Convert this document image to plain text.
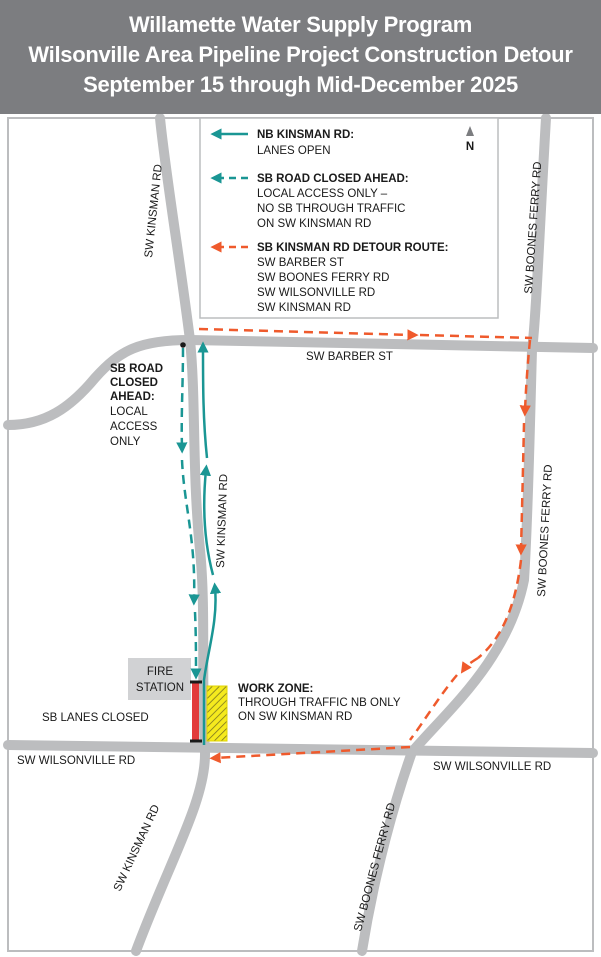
Willamette Water Supply Program
Wilsonville Area Pipeline Project Construction Detour
September 15 through Mid-December 2025
FIRE
STATION
N
NB KINSMAN RD:
LANES OPEN
SB ROAD CLOSED AHEAD:
LOCAL ACCESS ONLY –
NO SB THROUGH TRAFFIC
ON SW KINSMAN RD
SB KINSMAN RD DETOUR ROUTE:
SW BARBER ST
SW BOONES FERRY RD
SW WILSONVILLE RD
SW KINSMAN RD
SW KINSMAN RD
SW KINSMAN RD
SW KINSMAN RD
SW BOONES FERRY RD
SW BOONES FERRY RD
SW BOONES FERRY RD
SW BARBER ST
SW WILSONVILLE RD	SW WILSONVILLE RD
SB ROAD
CLOSED
AHEAD:
LOCAL
ACCESS
ONLY
SB LANES CLOSED
WORK ZONE:
THROUGH TRAFFIC NB ONLY
ON SW KINSMAN RD
